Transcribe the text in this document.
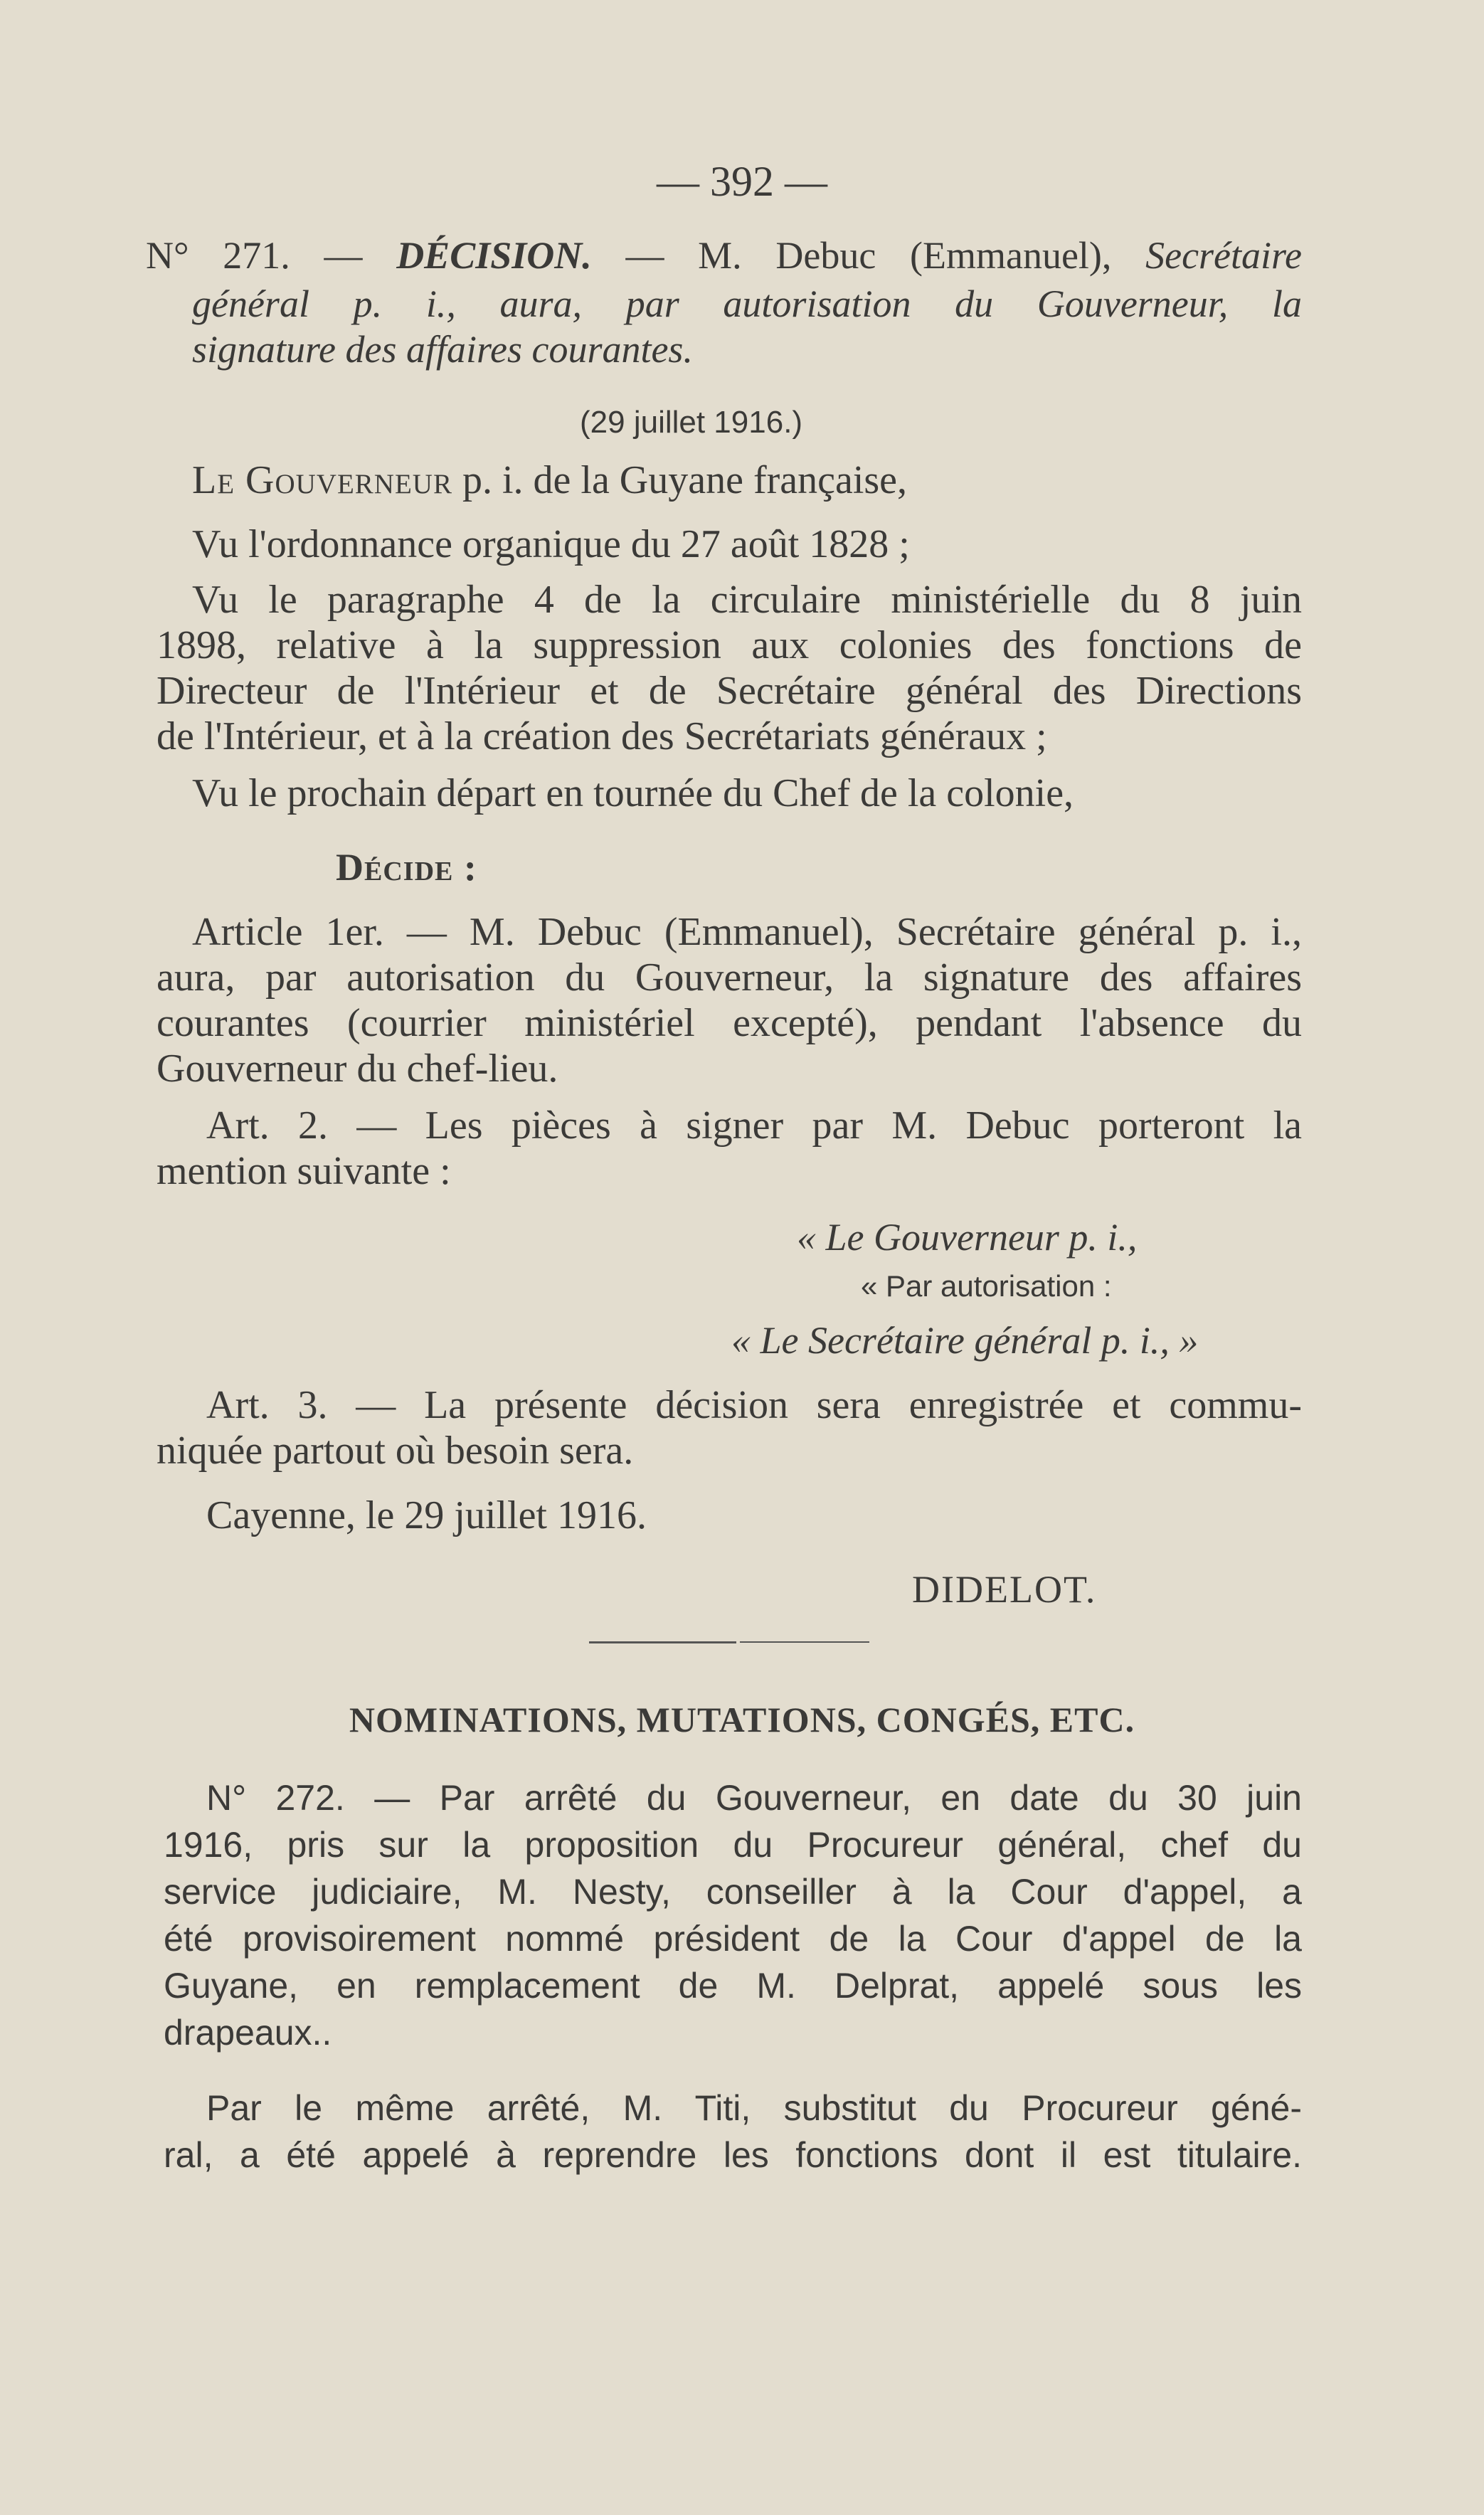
— 392 —

N° 271. — DÉCISION. — M. Debuc (Emmanuel), Secrétaire

général p. i., aura, par autorisation du Gouverneur, la

signature des affaires courantes.

(29 juillet 1916.)

Le Gouverneur p. i. de la Guyane française,

Vu l'ordonnance organique du 27 août 1828 ;

Vu le paragraphe 4 de la circulaire ministérielle du 8 juin

1898, relative à la suppression aux colonies des fonctions de

Directeur de l'Intérieur et de Secrétaire général des Directions

de l'Intérieur, et à la création des Secrétariats généraux ;

Vu le prochain départ en tournée du Chef de la colonie,

Décide :

Article 1er. — M. Debuc (Emmanuel), Secrétaire général p. i.,

aura, par autorisation du Gouverneur, la signature des affaires

courantes (courrier ministériel excepté), pendant l'absence du

Gouverneur du chef-lieu.

Art. 2. — Les pièces à signer par M. Debuc porteront la

mention suivante :

« Le Gouverneur p. i.,

« Par autorisation :

« Le Secrétaire général p. i., »

Art. 3. — La présente décision sera enregistrée et commu-

niquée partout où besoin sera.

Cayenne, le 29 juillet 1916.

DIDELOT.

NOMINATIONS, MUTATIONS, CONGÉS, ETC.

N° 272. — Par arrêté du Gouverneur, en date du 30 juin

1916, pris sur la proposition du Procureur général, chef du

service judiciaire, M. Nesty, conseiller à la Cour d'appel, a

été provisoirement nommé président de la Cour d'appel de la

Guyane, en remplacement de M. Delprat, appelé sous les

drapeaux..

Par le même arrêté, M. Titi, substitut du Procureur géné-

ral, a été appelé à reprendre les fonctions dont il est titulaire.
